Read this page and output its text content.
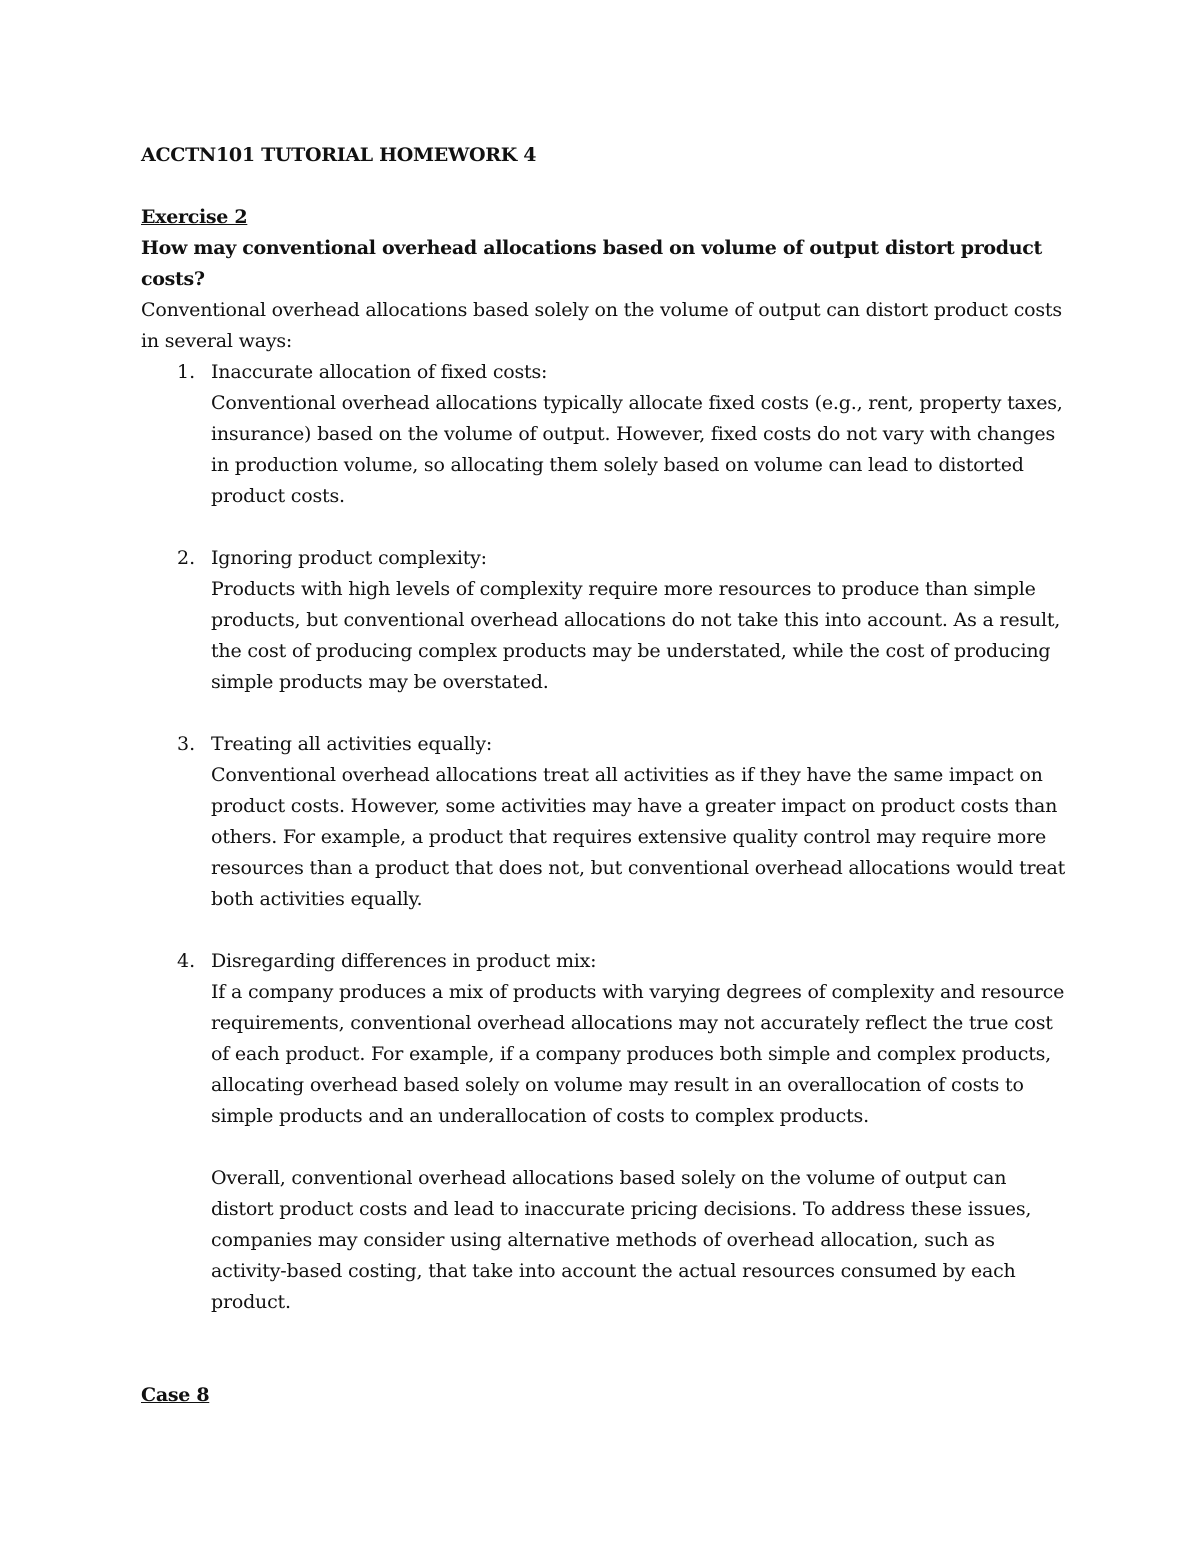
ACCTN101 TUTORIAL HOMEWORK 4

Exercise 2

How may conventional overhead allocations based on volume of output distort product costs?

Conventional overhead allocations based solely on the volume of output can distort product costs in several ways:

1. Inaccurate allocation of fixed costs:
Conventional overhead allocations typically allocate fixed costs (e.g., rent, property taxes, insurance) based on the volume of output. However, fixed costs do not vary with changes in production volume, so allocating them solely based on volume can lead to distorted product costs.
2. Ignoring product complexity:
Products with high levels of complexity require more resources to produce than simple products, but conventional overhead allocations do not take this into account. As a result, the cost of producing complex products may be understated, while the cost of producing simple products may be overstated.
3. Treating all activities equally:
Conventional overhead allocations treat all activities as if they have the same impact on product costs. However, some activities may have a greater impact on product costs than others. For example, a product that requires extensive quality control may require more resources than a product that does not, but conventional overhead allocations would treat both activities equally.
4. Disregarding differences in product mix:
If a company produces a mix of products with varying degrees of complexity and resource requirements, conventional overhead allocations may not accurately reflect the true cost of each product. For example, if a company produces both simple and complex products, allocating overhead based solely on volume may result in an overallocation of costs to simple products and an underallocation of costs to complex products.

Overall, conventional overhead allocations based solely on the volume of output can distort product costs and lead to inaccurate pricing decisions. To address these issues, companies may consider using alternative methods of overhead allocation, such as activity-based costing, that take into account the actual resources consumed by each product.

Case 8
